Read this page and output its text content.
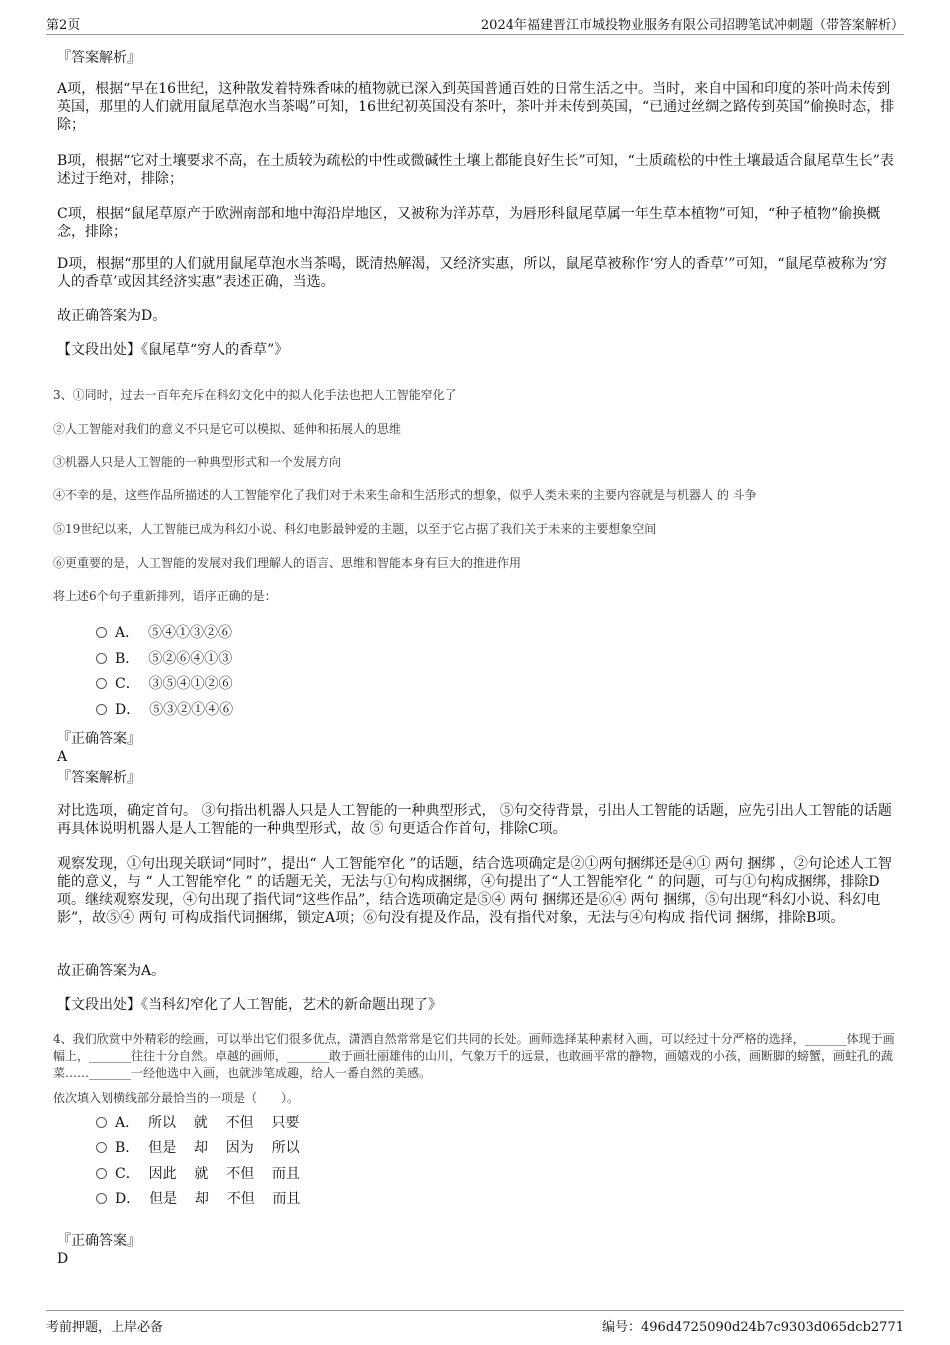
第2页	2024年福建晋江市城投物业服务有限公司招聘笔试冲刺题（带答案解析）
『答案解析』
A项，根据“早在16世纪，这种散发着特殊香味的植物就已深入到英国普通百姓的日常生活之中。当时，来自中国和印度的茶叶尚未传到英国，那里的人们就用鼠尾草泡水当茶喝”可知，16世纪初英国没有茶叶，茶叶并未传到英国，“已通过丝绸之路传到英国”偷换时态，排除；
B项，根据“它对土壤要求不高，在土质较为疏松的中性或微碱性土壤上都能良好生长”可知，“土质疏松的中性土壤最适合鼠尾草生长”表述过于绝对，排除；
C项，根据“鼠尾草原产于欧洲南部和地中海沿岸地区，又被称为洋苏草，为唇形科鼠尾草属一年生草本植物”可知，“种子植物”偷换概念，排除；
D项，根据“那里的人们就用鼠尾草泡水当茶喝，既清热解渴，又经济实惠，所以，鼠尾草被称作‘穷人的香草’”可知，“鼠尾草被称为‘穷人的香草’或因其经济实惠”表述正确，当选。
故正确答案为D。
【文段出处】《鼠尾草“穷人的香草”》
3、①同时，过去一百年充斥在科幻文化中的拟人化手法也把人工智能窄化了
②人工智能对我们的意义不只是它可以模拟、延伸和拓展人的思维
③机器人只是人工智能的一种典型形式和一个发展方向
④不幸的是，这些作品所描述的人工智能窄化了我们对于未来生命和生活形式的想象，似乎人类未来的主要内容就是与机器人 的 斗争
⑤19世纪以来，人工智能已成为科幻小说、科幻电影最钟爱的主题，以至于它占据了我们关于未来的主要想象空间
⑥更重要的是，人工智能的发展对我们理解人的语言、思维和智能本身有巨大的推进作用
将上述6个句子重新排列，语序正确的是：
A．  ⑤④①③②⑥
B．  ⑤②⑥④①③
C．  ③⑤④①②⑥
D．  ⑤③②①④⑥
『正确答案』
A
『答案解析』
对比选项，确定首句。 ③句指出机器人只是人工智能的一种典型形式， ⑤句交待背景，引出人工智能的话题，应先引出人工智能的话题再具体说明机器人是人工智能的一种典型形式，故 ⑤ 句更适合作首句，排除C项。
观察发现，①句出现关联词“同时”，提出“ 人工智能窄化 ”的话题，结合选项确定是②①两句捆绑还是④① 两句 捆绑 ，②句论述人工智能的意义，与 “ 人工智能窄化 ” 的话题无关，无法与①句构成捆绑，④句提出了“人工智能窄化 ” 的问题，可与①句构成捆绑，排除D项。继续观察发现，④句出现了指代词“这些作品”，结合选项确定是⑤④ 两句 捆绑还是⑥④ 两句 捆绑，⑤句出现“科幻小说、科幻电影”，故⑤④ 两句 可构成指代词捆绑，锁定A项；⑥句没有提及作品，没有指代对象，无法与④句构成 指代词 捆绑，排除B项。
故正确答案为A。
【文段出处】《当科幻窄化了人工智能，艺术的新命题出现了》
4、我们欣赏中外精彩的绘画，可以举出它们很多优点，潇洒自然常常是它们共同的长处。画师选择某种素材入画，可以经过十分严格的选择，_______体现于画幅上，_______往往十分自然。卓越的画师，_______敢于画壮丽雄伟的山川，气象万千的远景，也敢画平常的静物，画嬉戏的小孩，画断脚的螃蟹，画蛀孔的蔬菜……_______一经他选中入画，也就涉笔成趣，给人一番自然的美感。
依次填入划横线部分最恰当的一项是（　　）。
A．  所以    就    不但    只要
B．  但是    却    因为    所以
C．  因此    就    不但    而且
D．  但是    却    不但    而且
『正确答案』
D
考前押题，上岸必备	编号：496d4725090d24b7c9303d065dcb2771
